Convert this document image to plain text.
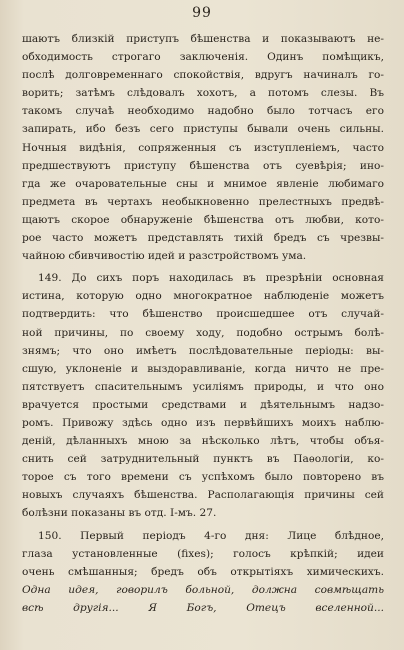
99
шаютъ близкій приступъ бѣшенства и показываютъ не-
обходимость строгаго заключенія. Одинъ помѣщикъ,
послѣ долговременнаго спокойствія, вдругъ начиналъ го-
ворить; затѣмъ слѣдовалъ хохотъ, а потомъ слезы. Въ
такомъ случаѣ необходимо надобно было тотчасъ его
запирать, ибо безъ сего приступы бывали очень сильны.
Ночныя видѣнія, сопряженныя съ изступленіемъ, часто
предшествуютъ приступу бѣшенства отъ суевѣрія; ино-
гда же очаровательные сны и мнимое явленіе любимаго
предмета въ чертахъ необыкновенно прелестныхъ предвѣ-
щаютъ скорое обнаруженіе бѣшенства отъ любви, кото-
рое часто можетъ представлять тихій бредъ съ чрезвы-
чайною сбивчивостію идей и разстройствомъ ума.
149. До сихъ поръ находилась въ презрѣніи основная
истина, которую одно многократное наблюденіе можетъ
подтвердить: что бѣшенство происшедшее отъ случай-
ной причины, по своему ходу, подобно острымъ болѣ-
знямъ; что оно имѣетъ послѣдовательные періоды: вы-
сшую, уклоненіе и выздоравливаніе, когда ничто не пре-
пятствуетъ спасительнымъ усиліямъ природы, и что оно
врачуется простыми средствами и дѣятельнымъ надзо-
ромъ. Привожу здѣсь одно изъ первѣйшихъ моихъ наблю-
деній, дѣланныхъ мною за нѣсколько лѣтъ, чтобы объя-
снить сей затруднительный пунктъ въ Паѳологіи, ко-
торое съ того времени съ успѣхомъ было повторено въ
новыхъ случаяхъ бѣшенства. Располагающія причины сей
болѣзни показаны въ отд. I-мъ. 27.
150. Первый періодъ 4-го дня: Лице блѣдное,
глаза установленные (fixes); голосъ крѣпкій; идеи
очень смѣшанныя; бредъ объ открытіяхъ химическихъ.
Одна идея, говорилъ больной, должна совмѣщать
всѣ другія... Я Богъ, Отецъ вселенной...
